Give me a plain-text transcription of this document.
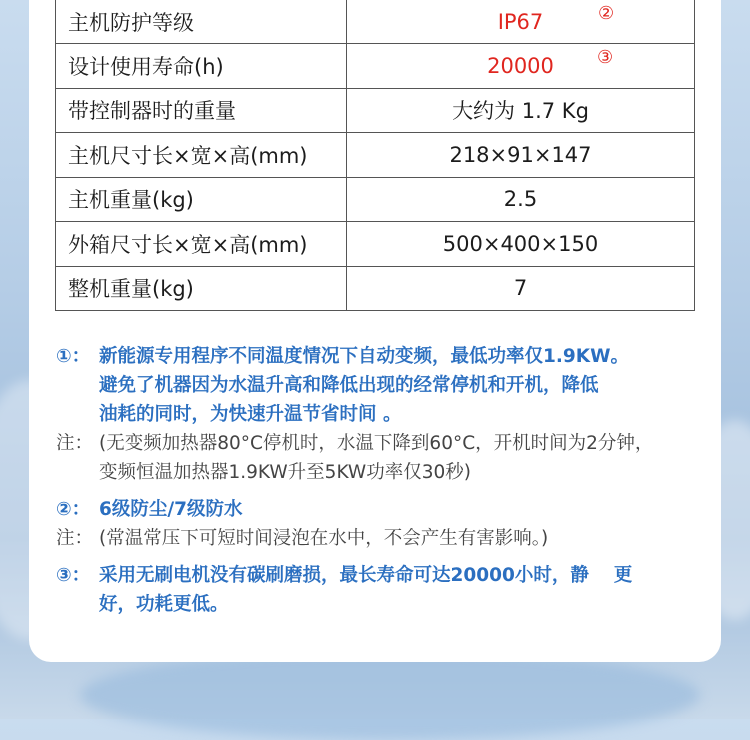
主机防护等级	IP67 ②

设计使用寿命(h)	20000 ③

带控制器时的重量	大约为 1.7 Kg
主机尺寸长×宽×高(mm)	218×91×147
主机重量(kg)	2.5
外箱尺寸长×宽×高(mm)	500×400×150
整机重量(kg)	7
①： 新能源专用程序不同温度情况下自动变频，最低功率仅1.9KW。
避免了机器因为水温升高和降低出现的经常停机和开机，降低
油耗的同时，为快速升温节省时间 。
注： (无变频加热器80°C停机时，水温下降到60°C，开机时间为2分钟，
变频恒温加热器1.9KW升至5KW功率仅30秒)
②： 6级防尘/7级防水
注： (常温常压下可短时间浸泡在水中，不会产生有害影响。)
③： 采用无刷电机没有碳刷磨损，最长寿命可达20000小时，静　 更
好，功耗更低。
